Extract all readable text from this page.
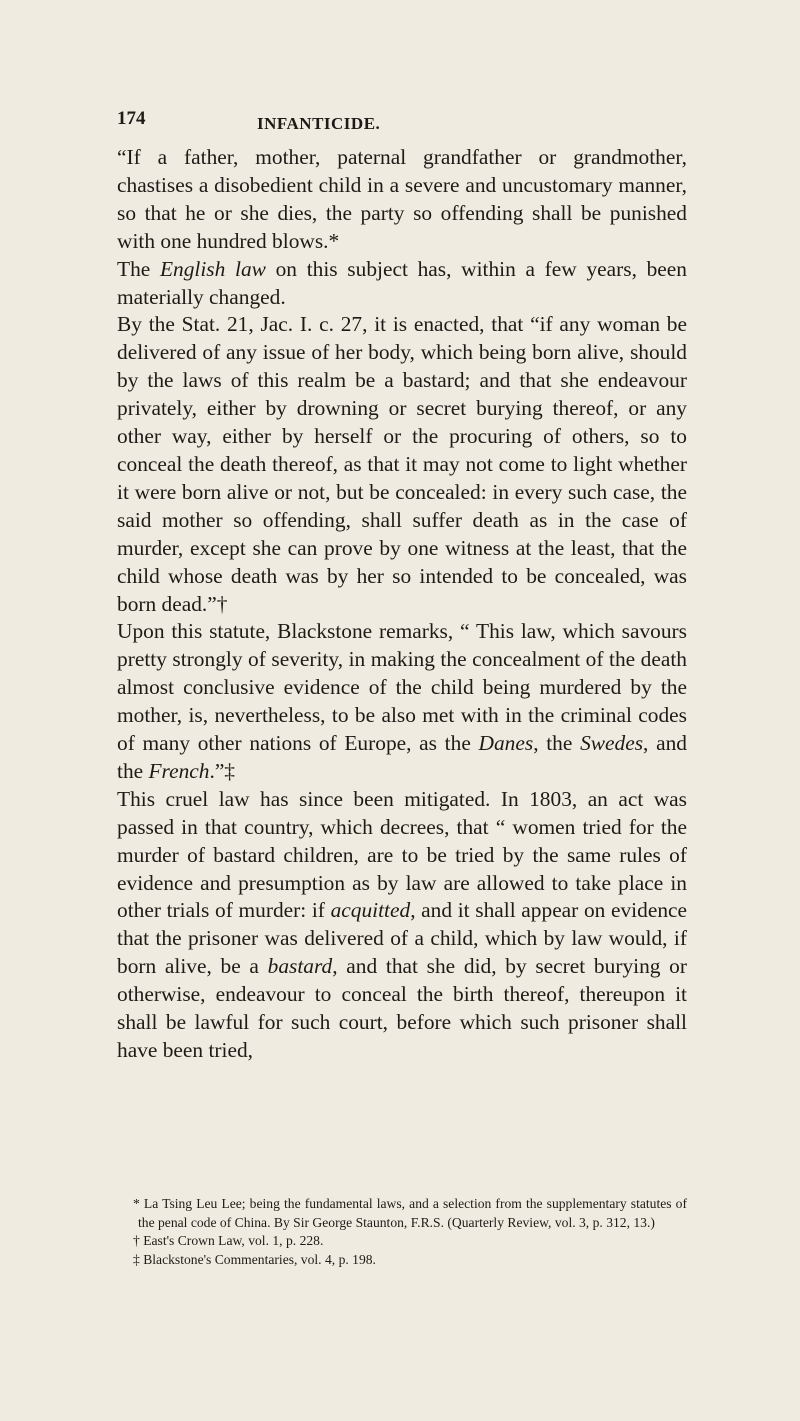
174	INFANTICIDE.

“If a father, mother, paternal grandfather or grandmother, chastises a disobedient child in a severe and uncustomary manner, so that he or she dies, the party so offending shall be punished with one hundred blows.*

The English law on this subject has, within a few years, been materially changed.

By the Stat. 21, Jac. I. c. 27, it is enacted, that “if any woman be delivered of any issue of her body, which being born alive, should by the laws of this realm be a bastard; and that she endeavour privately, either by drowning or secret burying thereof, or any other way, either by herself or the procuring of others, so to conceal the death thereof, as that it may not come to light whether it were born alive or not, but be concealed: in every such case, the said mother so offending, shall suffer death as in the case of murder, except she can prove by one witness at the least, that the child whose death was by her so intended to be concealed, was born dead.”†

Upon this statute, Blackstone remarks, “ This law, which savours pretty strongly of severity, in making the concealment of the death almost conclusive evidence of the child being murdered by the mother, is, nevertheless, to be also met with in the criminal codes of many other nations of Europe, as the Danes, the Swedes, and the French.”‡

This cruel law has since been mitigated. In 1803, an act was passed in that country, which decrees, that “ women tried for the murder of bastard children, are to be tried by the same rules of evidence and presumption as by law are allowed to take place in other trials of murder: if acquitted, and it shall appear on evidence that the prisoner was delivered of a child, which by law would, if born alive, be a bastard, and that she did, by secret burying or otherwise, endeavour to conceal the birth thereof, thereupon it shall be lawful for such court, before which such prisoner shall have been tried,

* La Tsing Leu Lee; being the fundamental laws, and a selection from the supplementary statutes of the penal code of China. By Sir George Staunton, F.R.S. (Quarterly Review, vol. 3, p. 312, 13.)

† East's Crown Law, vol. 1, p. 228.

‡ Blackstone's Commentaries, vol. 4, p. 198.
